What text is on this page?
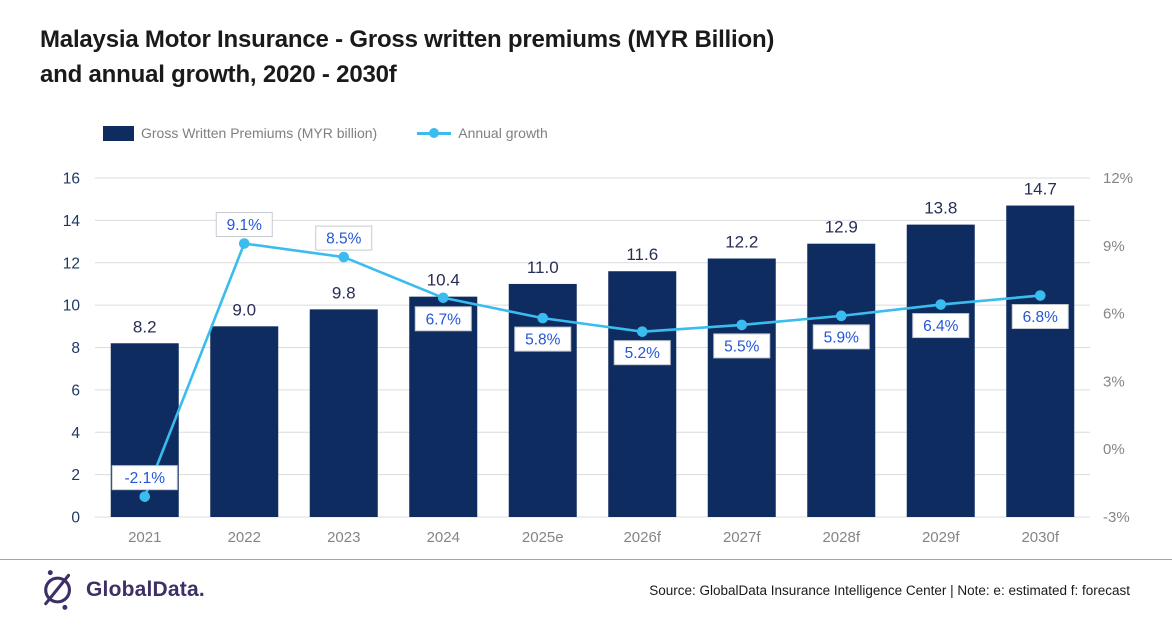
Malaysia Motor Insurance - Gross written premiums (MYR Billion)
and annual growth, 2020 - 2030f
Gross Written Premiums (MYR billion)	Annual growth
0
2
4
6
8
10
12
14
16
-3%
0%
3%
6%
9%
12%
8.2
9.0
9.8
10.4
11.0
11.6
12.2
12.9
13.8
14.7
2021	2022	2023	2024	2025e	2026f	2027f	2028f	2029f	2030f
-2.1%
9.1%
8.5%
6.7%
5.8%
5.2%	5.5%
5.9%
6.4%
6.8%
GlobalData.	Source: GlobalData Insurance Intelligence Center | Note: e: estimated f: forecast
